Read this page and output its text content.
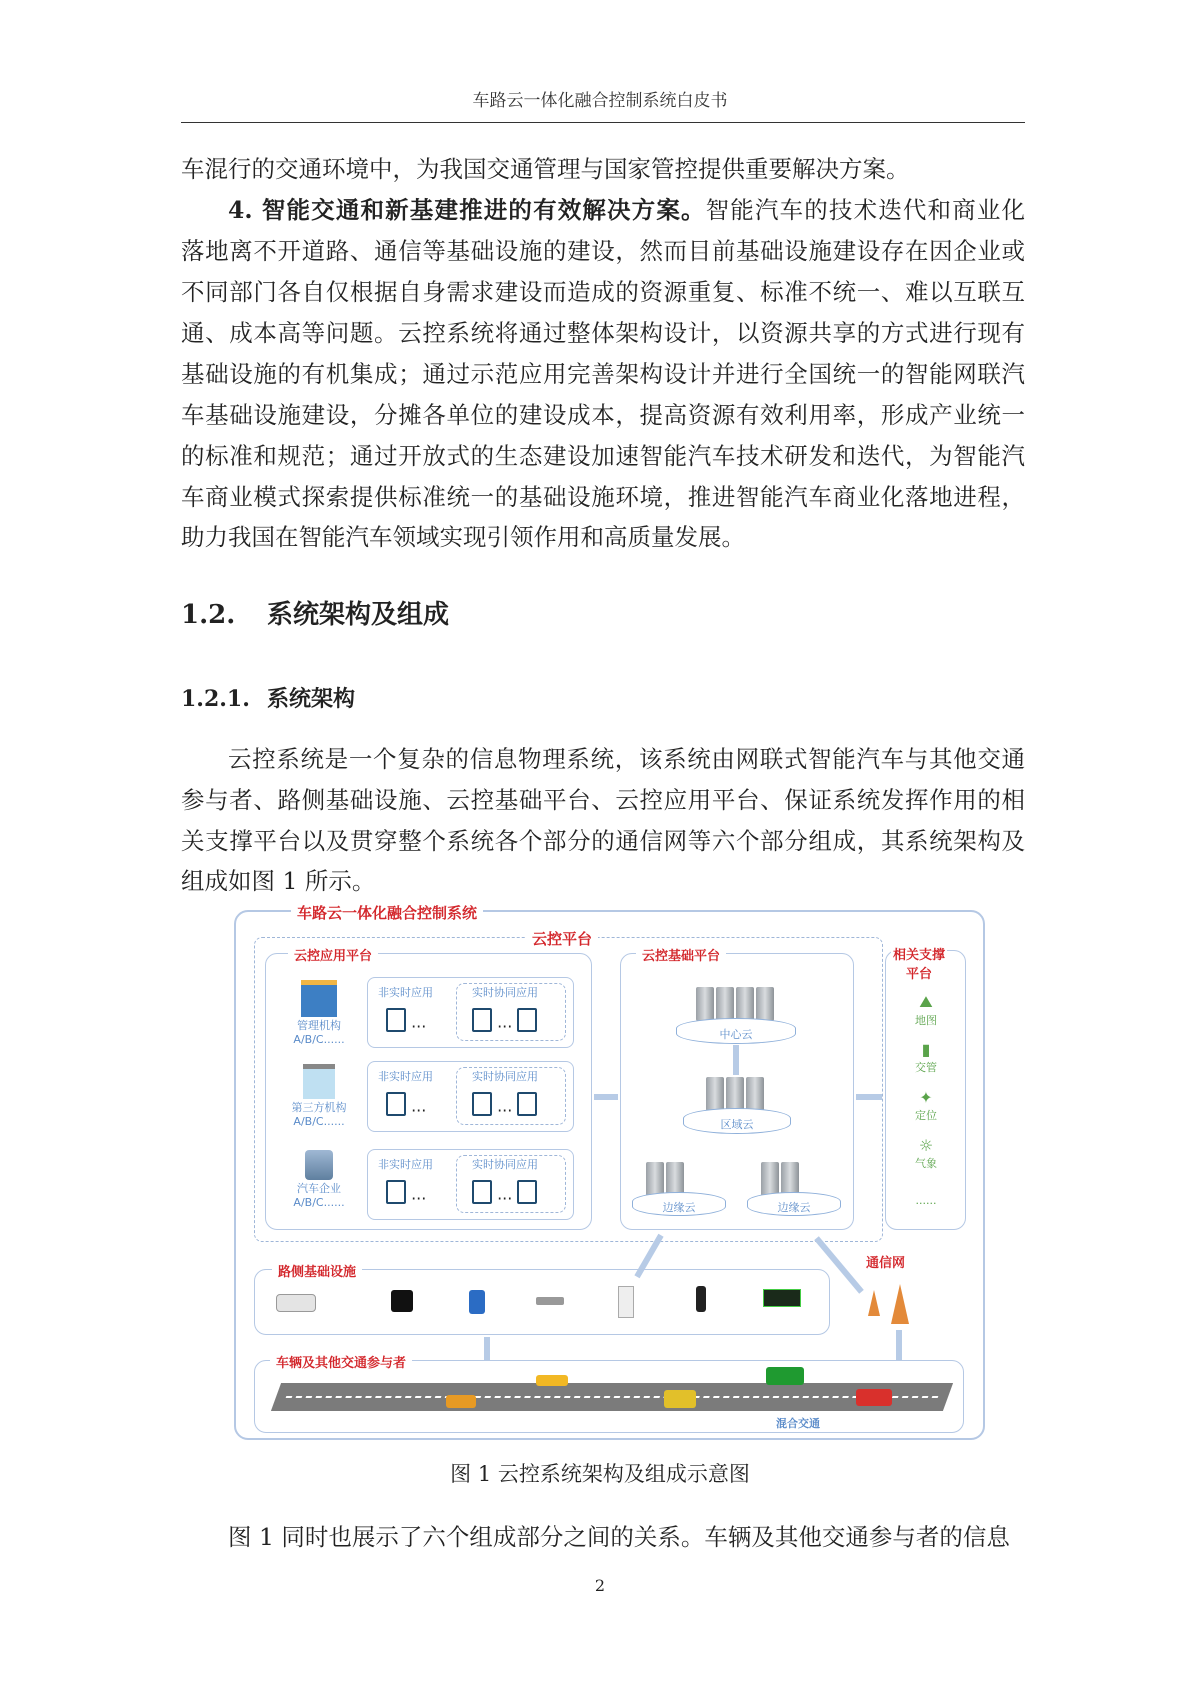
车路云一体化融合控制系统白皮书
车混行的交通环境中，为我国交通管理与国家管控提供重要解决方案。
4. 智能交通和新基建推进的有效解决方案。智能汽车的技术迭代和商业化
落地离不开道路、通信等基础设施的建设，然而目前基础设施建设存在因企业或
不同部门各自仅根据自身需求建设而造成的资源重复、标准不统一、难以互联互
通、成本高等问题。云控系统将通过整体架构设计，以资源共享的方式进行现有
基础设施的有机集成；通过示范应用完善架构设计并进行全国统一的智能网联汽
车基础设施建设，分摊各单位的建设成本，提高资源有效利用率，形成产业统一
的标准和规范；通过开放式的生态建设加速智能汽车技术研发和迭代，为智能汽
车商业模式探索提供标准统一的基础设施环境，推进智能汽车商业化落地进程，
助力我国在智能汽车领域实现引领作用和高质量发展。
1.2. 系统架构及组成
1.2.1. 系统架构
云控系统是一个复杂的信息物理系统，该系统由网联式智能汽车与其他交通
参与者、路侧基础设施、云控基础平台、云控应用平台、保证系统发挥作用的相
关支撑平台以及贯穿整个系统各个部分的通信网等六个部分组成，其系统架构及
组成如图 1 所示。
车路云一体化融合控制系统
云控平台
云控应用平台
管理机构
A/B/C......
第三方机构
A/B/C......
汽车企业
A/B/C......
非实时应用
···
实时协同应用
···
非实时应用
···
实时协同应用
···
非实时应用
···
实时协同应用
···
云控基础平台
中心云
区域云
边缘云	边缘云
相关支撑平台
⛰
地图
▮
交管
✦
定位
☼
气象
......
路侧基础设施
通信网
车辆及其他交通参与者
混合交通
图 1 云控系统架构及组成示意图
图 1 同时也展示了六个组成部分之间的关系。车辆及其他交通参与者的信息
2
